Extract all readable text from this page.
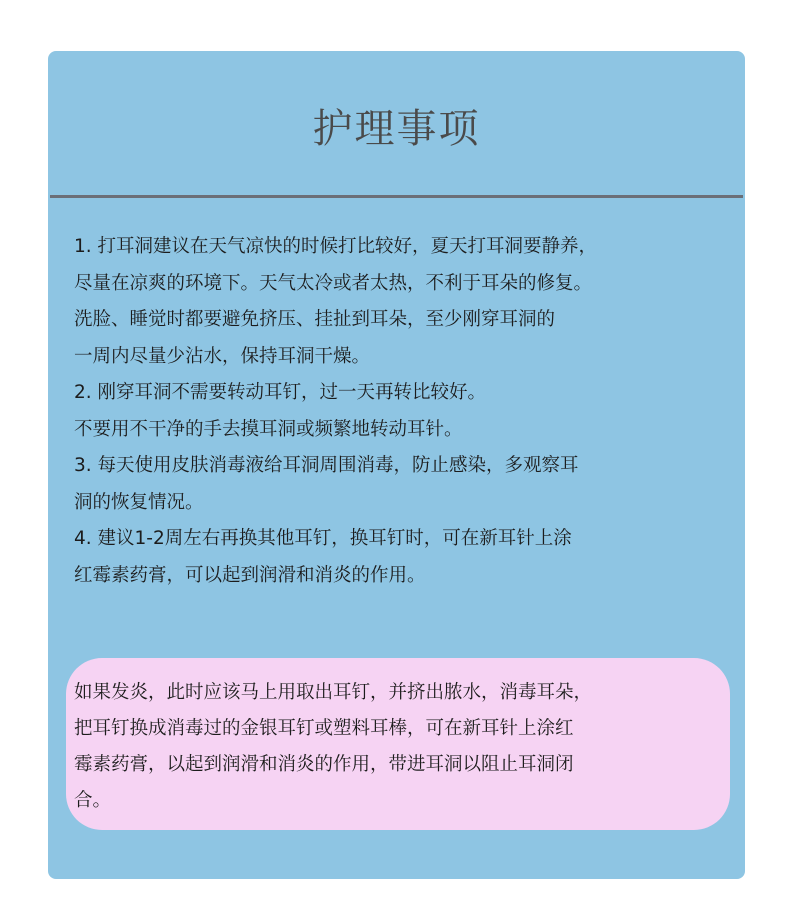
护理事项
1. 打耳洞建议在天气凉快的时候打比较好，夏天打耳洞要静养，
尽量在凉爽的环境下。天气太冷或者太热，不利于耳朵的修复。
洗脸、睡觉时都要避免挤压、挂扯到耳朵，至少刚穿耳洞的
一周内尽量少沾水，保持耳洞干燥。
2. 刚穿耳洞不需要转动耳钉，过一天再转比较好。
不要用不干净的手去摸耳洞或频繁地转动耳针。
3. 每天使用皮肤消毒液给耳洞周围消毒，防止感染，多观察耳
洞的恢复情况。
4. 建议1-2周左右再换其他耳钉，换耳钉时，可在新耳针上涂
红霉素药膏，可以起到润滑和消炎的作用。
如果发炎，此时应该马上用取出耳钉，并挤出脓水，消毒耳朵，
把耳钉换成消毒过的金银耳钉或塑料耳棒，可在新耳针上涂红
霉素药膏，以起到润滑和消炎的作用，带进耳洞以阻止耳洞闭
合。
